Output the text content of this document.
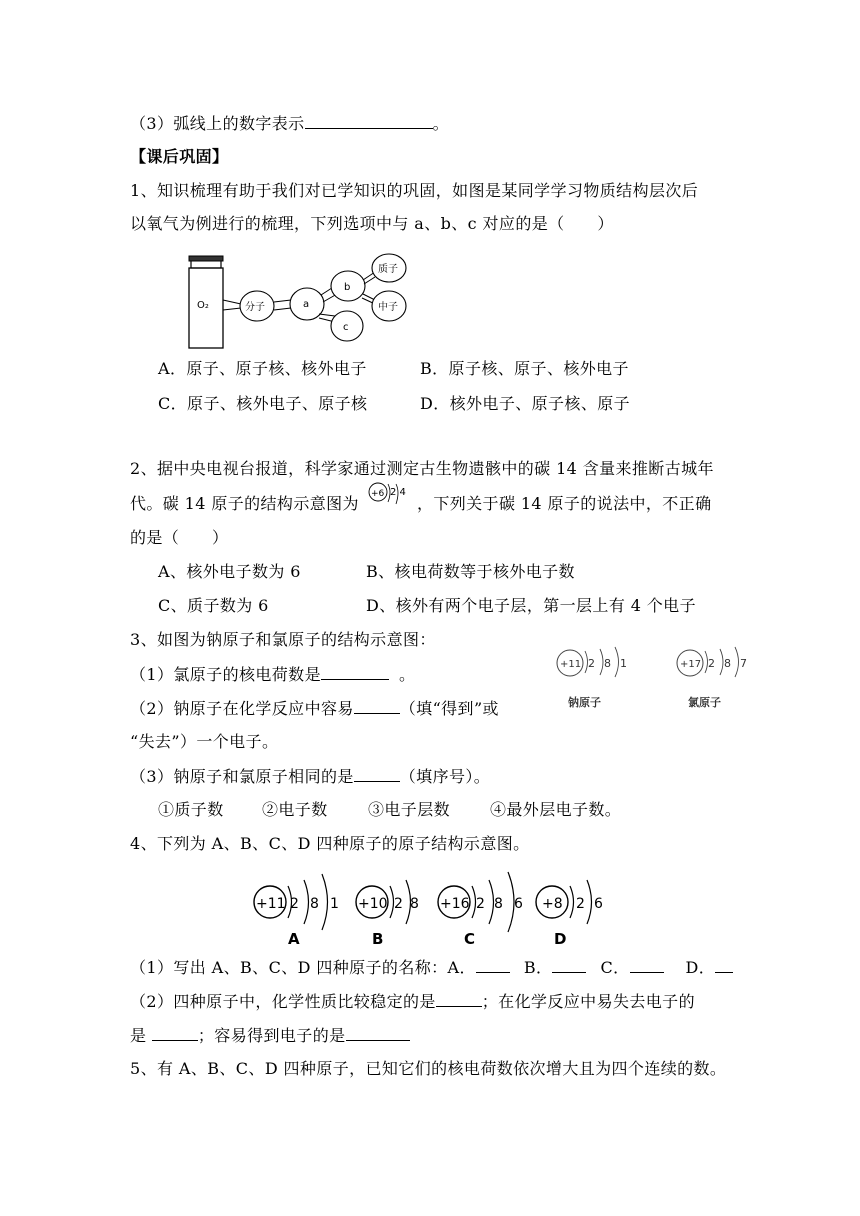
（3）弧线上的数字表示	。
【课后巩固】
1、知识梳理有助于我们对已学知识的巩固，如图是某同学学习物质结构层次后
以氧气为例进行的梳理，下列选项中与 a、b、c 对应的是（　　）
O₂	分子	a
b
c
质子
中子
A．原子、原子核、核外电子	B．原子核、原子、核外电子
C．原子、核外电子、原子核	D．核外电子、原子核、原子
2、据中央电视台报道，科学家通过测定古生物遗骸中的碳 14 含量来推断古城年
代。碳 14 原子的结构示意图为	，下列关于碳 14 原子的说法中，不正确
+6 2 4
的是（　　）
A、核外电子数为 6	B、核电荷数等于核外电子数
C、质子数为 6	D、核外有两个电子层，第一层上有 4 个电子
3、如图为钠原子和氯原子的结构示意图：
（1）氯原子的核电荷数是	。
（2）钠原子在化学反应中容易	（填“得到”或
“失去”）一个电子。
（3）钠原子和氯原子相同的是	（填序号）。
①质子数 ②电子数	③电子层数 ④最外层电子数。
+11 2 8 1
钠原子
+17 2 8 7
氯原子
4、下列为 A、B、C、D 四种原子的原子结构示意图。
+11 2 8 1
A
+10 2 8
B
+16 2 8 6
C
+8 2 6
D
（1）写出 A、B、C、D 四种原子的名称：A．	B．	C．	D．
（2）四种原子中，化学性质比较稳定的是	；在化学反应中易失去电子的
是	；容易得到电子的是
5、有 A、B、C、D 四种原子，已知它们的核电荷数依次增大且为四个连续的数。
